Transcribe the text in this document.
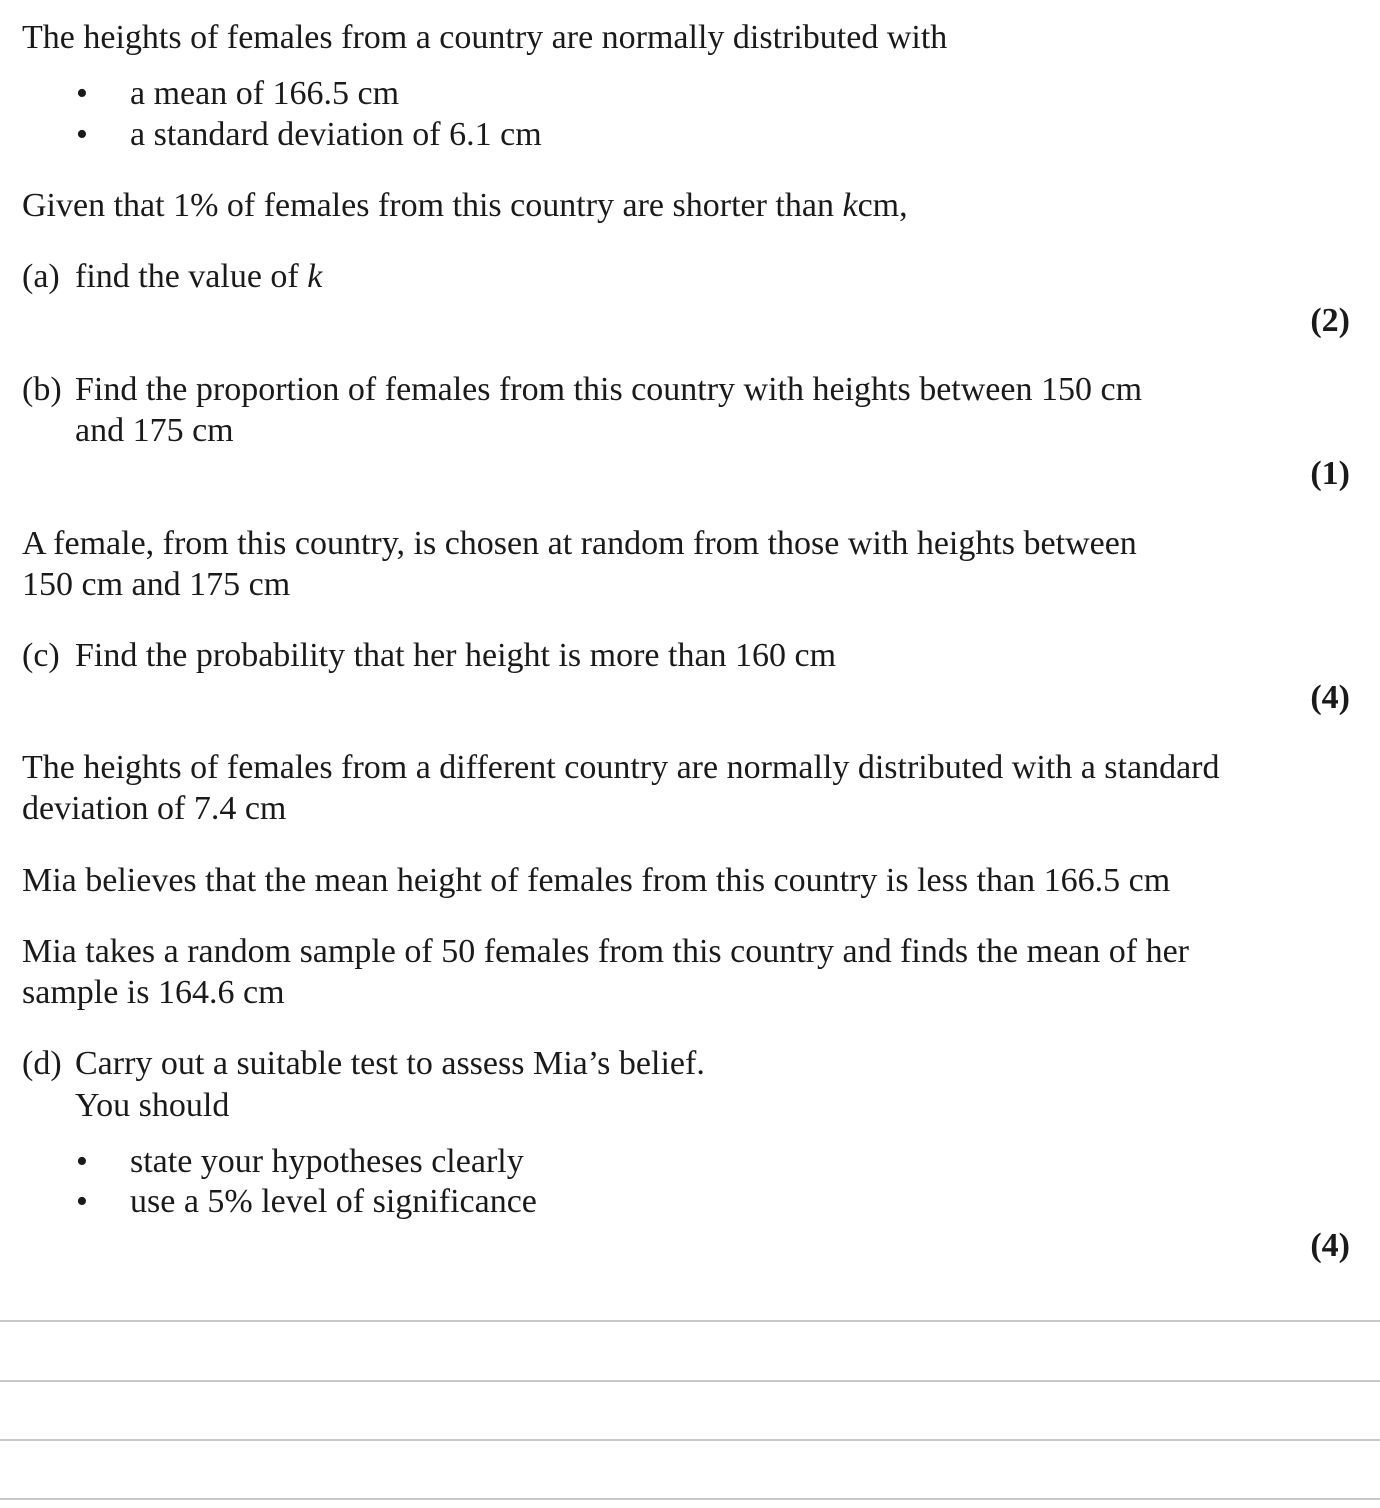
The heights of females from a country are normally distributed with
• a mean of 166.5 cm
• a standard deviation of 6.1 cm
Given that 1% of females from this country are shorter than kcm,
(a) find the value of k
(2)
(b) Find the proportion of females from this country with heights between 150 cm
and 175 cm
(1)
A female, from this country, is chosen at random from those with heights between
150 cm and 175 cm
(c) Find the probability that her height is more than 160 cm
(4)
The heights of females from a different country are normally distributed with a standard
deviation of 7.4 cm
Mia believes that the mean height of females from this country is less than 166.5 cm
Mia takes a random sample of 50 females from this country and finds the mean of her
sample is 164.6 cm
(d) Carry out a suitable test to assess Mia’s belief.
You should
• state your hypotheses clearly
• use a 5% level of significance
(4)
